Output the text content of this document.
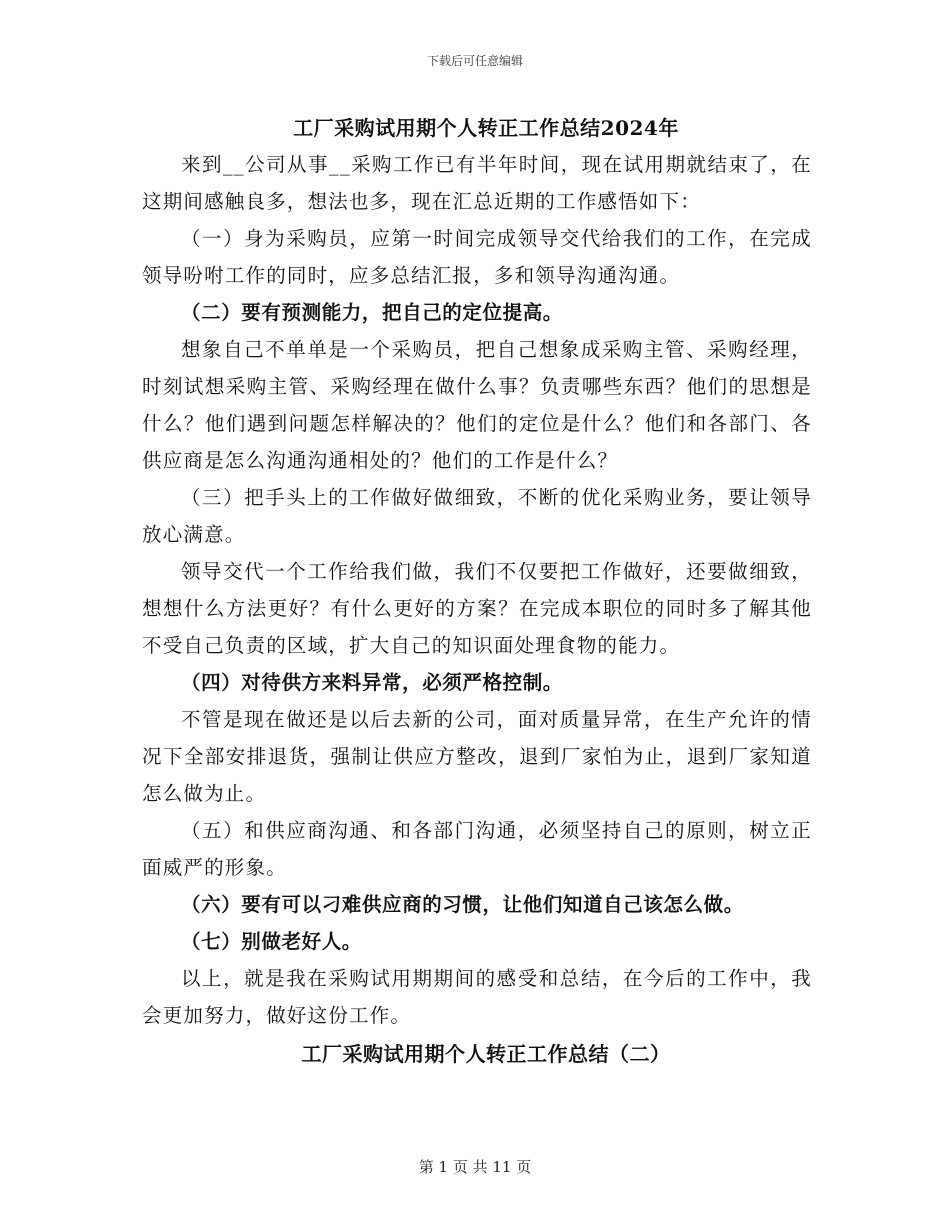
下载后可任意编辑
工厂采购试用期个人转正工作总结2024年

来到__公司从事__采购工作已有半年时间，现在试用期就结束了，在这期间感触良多，想法也多，现在汇总近期的工作感悟如下：

（一）身为采购员，应第一时间完成领导交代给我们的工作，在完成领导吩咐工作的同时，应多总结汇报，多和领导沟通沟通。

（二）要有预测能力，把自己的定位提高。

想象自己不单单是一个采购员，把自己想象成采购主管、采购经理，时刻试想采购主管、采购经理在做什么事？负责哪些东西？他们的思想是什么？他们遇到问题怎样解决的？他们的定位是什么？他们和各部门、各供应商是怎么沟通沟通相处的？他们的工作是什么？

（三）把手头上的工作做好做细致，不断的优化采购业务，要让领导放心满意。

领导交代一个工作给我们做，我们不仅要把工作做好，还要做细致，想想什么方法更好？有什么更好的方案？在完成本职位的同时多了解其他不受自己负责的区域，扩大自己的知识面处理食物的能力。

（四）对待供方来料异常，必须严格控制。

不管是现在做还是以后去新的公司，面对质量异常，在生产允许的情况下全部安排退货，强制让供应方整改，退到厂家怕为止，退到厂家知道怎么做为止。

（五）和供应商沟通、和各部门沟通，必须坚持自己的原则，树立正面威严的形象。

（六）要有可以刁难供应商的习惯，让他们知道自己该怎么做。

（七）别做老好人。

以上，就是我在采购试用期期间的感受和总结，在今后的工作中，我会更加努力，做好这份工作。

工厂采购试用期个人转正工作总结（二）
第 1 页 共 11 页
